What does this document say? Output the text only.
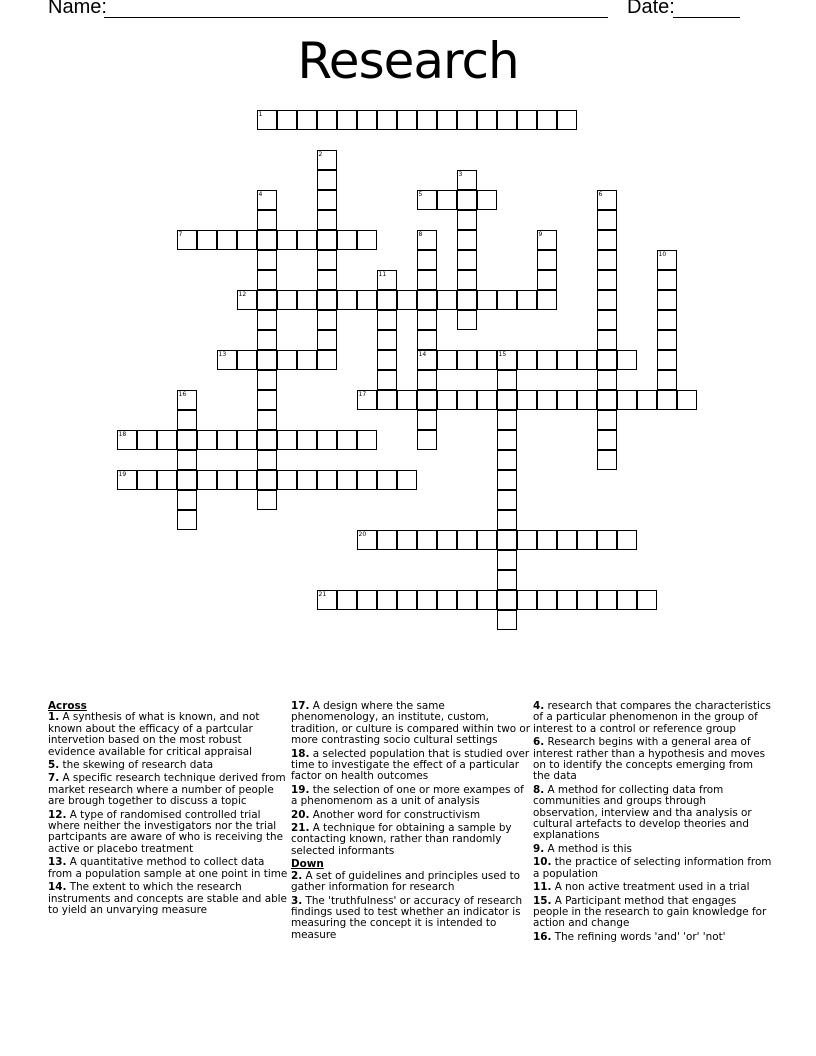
Name:	Date:
Research
1
2
3
4	5	6
7	8
14
9
10
11
12
13	15
16	17
18
19
20
21
Across
1. A synthesis of what is known, and not known about the efficacy of a partcular intervetion based on the most robust evidence available for critical appraisal
5. the skewing of research data
7. A specific research technique derived from market research where a number of people are brough together to discuss a topic
12. A type of randomised controlled trial where neither the investigators nor the trial partcipants are aware of who is receiving the active or placebo treatment
13. A quantitative method to collect data from a population sample at one point in time
14. The extent to which the research instruments and concepts are stable and able to yield an unvarying measure
17. A design where the same phenomenology, an institute, custom, tradition, or culture is compared within two or more contrasting socio cultural settings
18. a selected population that is studied over time to investigate the effect of a particular factor on health outcomes
19. the selection of one or more exampes of a phenomenom as a unit of analysis
20. Another word for constructivism
21. A technique for obtaining a sample by contacting known, rather than randomly selected informants
Down
2. A set of guidelines and principles used to gather information for research
3. The 'truthfulness' or accuracy of research findings used to test whether an indicator is measuring the concept it is intended to measure
4. research that compares the characteristics of a particular phenomenon in the group of interest to a control or reference group
6. Research begins with a general area of interest rather than a hypothesis and moves on to identify the concepts emerging from the data
8. A method for collecting data from communities and groups through observation, interview and tha analysis or cultural artefacts to develop theories and explanations
9. A method is this
10. the practice of selecting information from a population
11. A non active treatment used in a trial
15. A Participant method that engages people in the research to gain knowledge for action and change
16. The refining words 'and' 'or' 'not'
